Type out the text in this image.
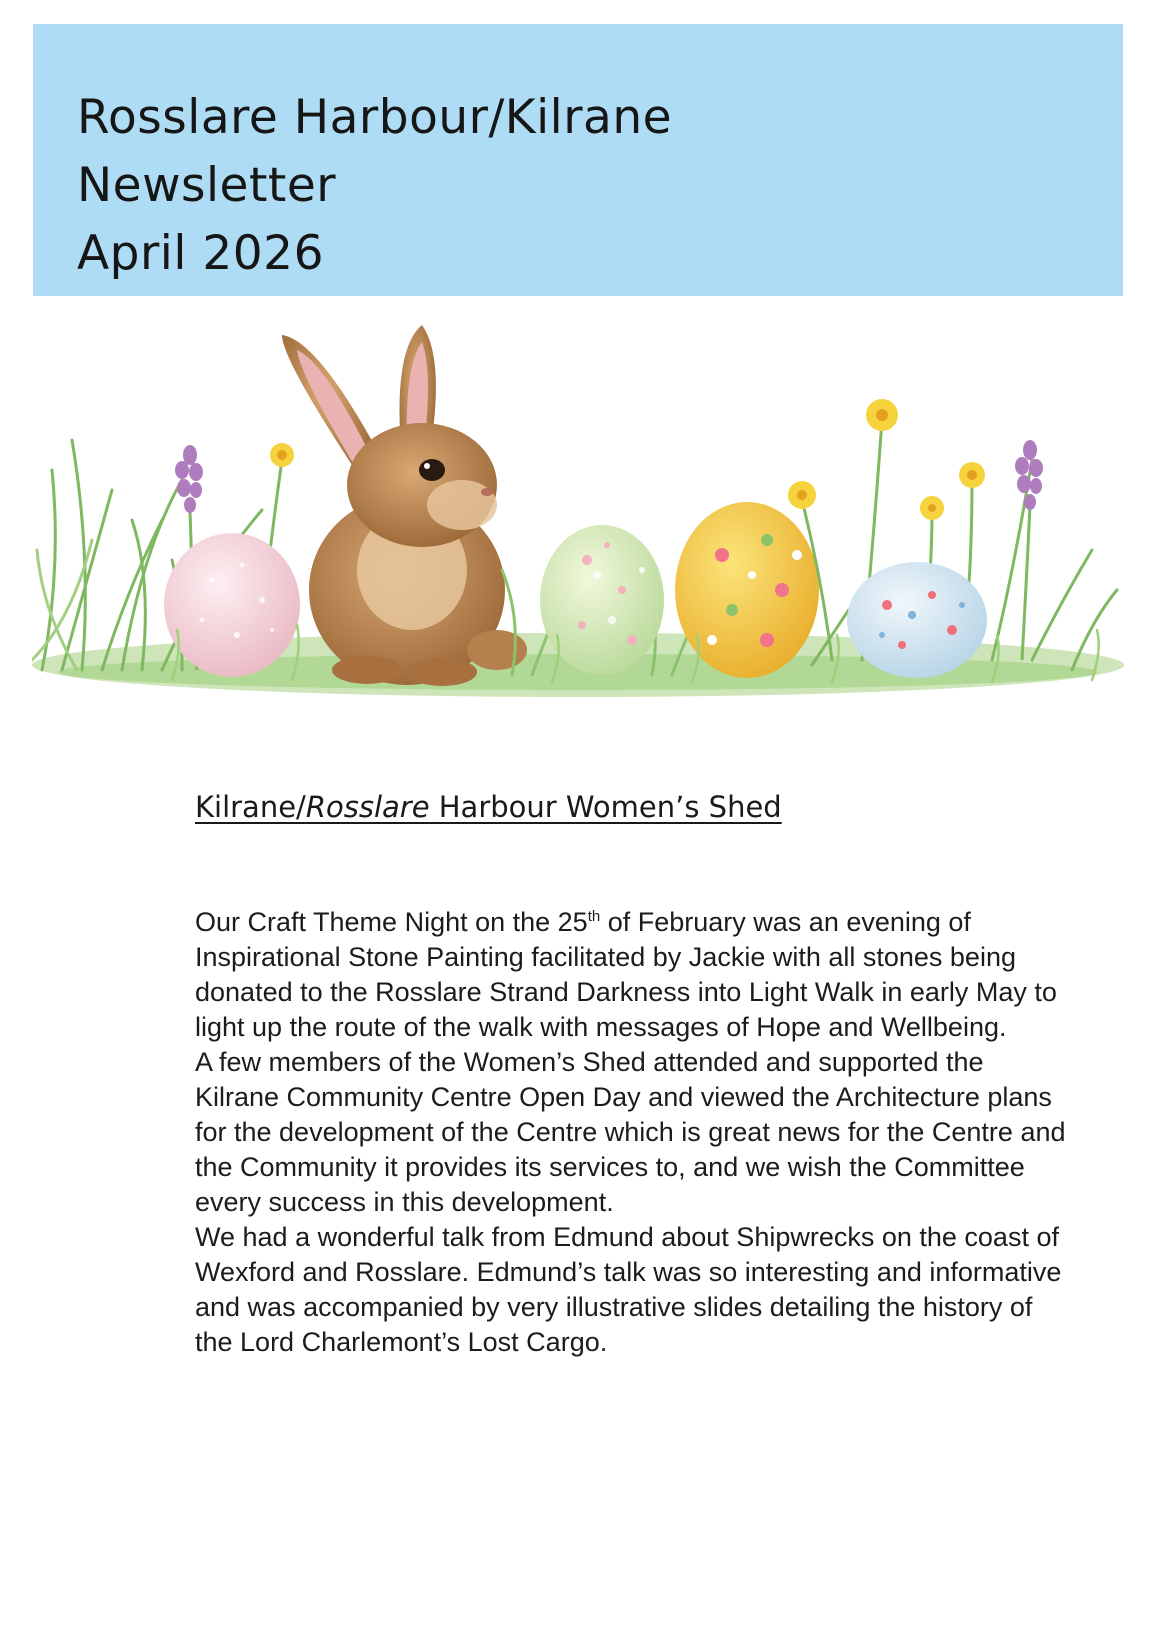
Rosslare Harbour/Kilrane
Newsletter
April 2026
Kilrane/Rosslare Harbour Women’s Shed

Our Craft Theme Night on the 25th of February was an evening of Inspirational Stone Painting facilitated by Jackie with all stones being donated to the Rosslare Strand Darkness into Light Walk in early May to light up the route of the walk with messages of Hope and Wellbeing.

A few members of the Women’s Shed attended and supported the Kilrane Community Centre Open Day and viewed the Architecture plans for the development of the Centre which is great news for the Centre and the Community it provides its services to, and we wish the Committee every success in this development.

We had a wonderful talk from Edmund about Shipwrecks on the coast of Wexford and Rosslare. Edmund’s talk was so interesting and informative and was accompanied by very illustrative slides detailing the history of the Lord Charlemont’s Lost Cargo.
